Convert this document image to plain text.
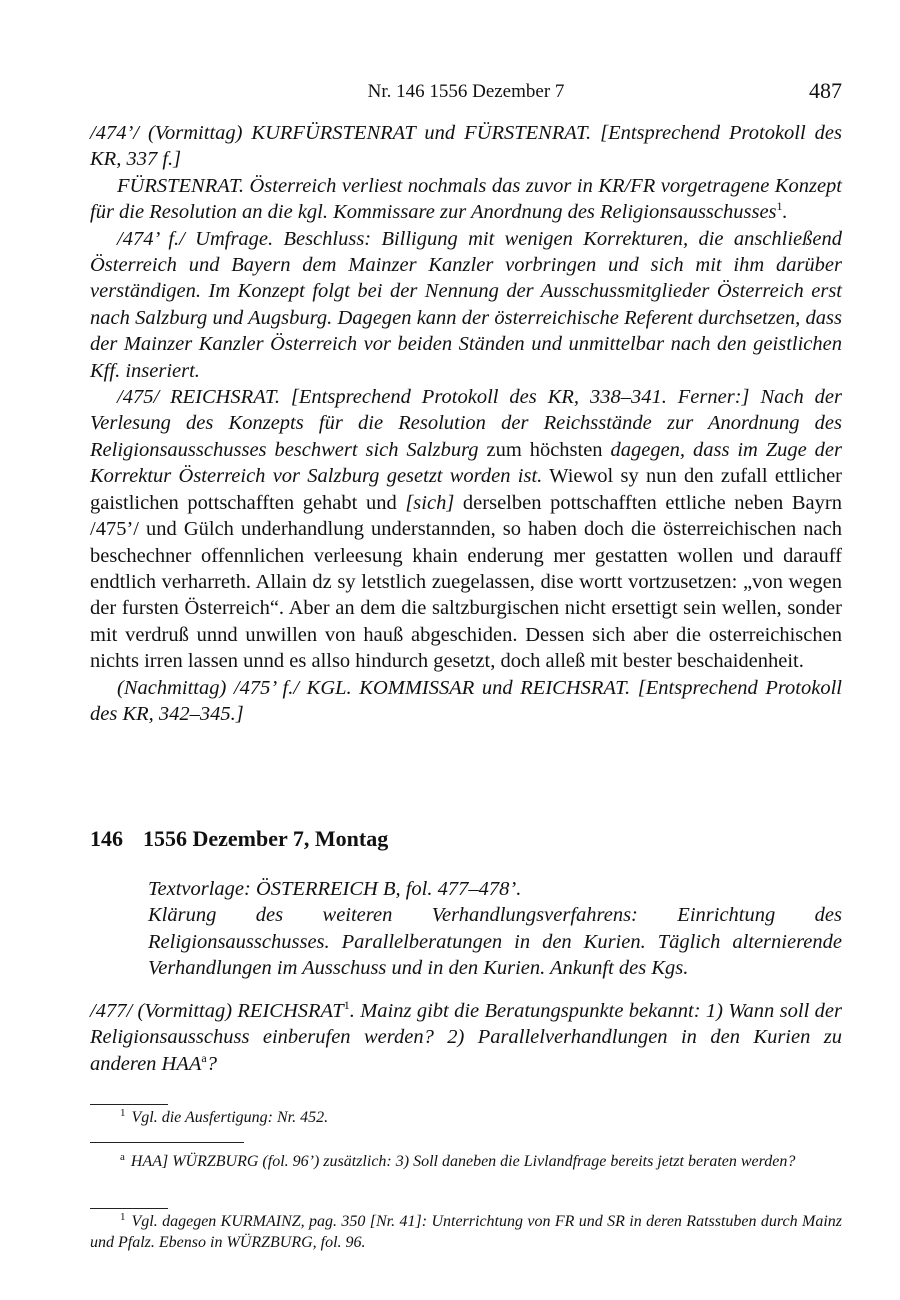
Nr. 146 1556 Dezember 7	487

/474’/ (Vormittag) KURFÜRSTENRAT und FÜRSTENRAT. [Entsprechend Protokoll des KR, 337 f.]

FÜRSTENRAT. Österreich verliest nochmals das zuvor in KR/FR vorgetragene Konzept für die Resolution an die kgl. Kommissare zur Anordnung des Religionsausschusses$^1$.

/474’ f./ Umfrage. Beschluss: Billigung mit wenigen Korrekturen, die anschließend Österreich und Bayern dem Mainzer Kanzler vorbringen und sich mit ihm darüber verständigen. Im Konzept folgt bei der Nennung der Ausschussmitglieder Österreich erst nach Salzburg und Augsburg. Dagegen kann der österreichische Referent durchsetzen, dass der Mainzer Kanzler Österreich vor beiden Ständen und unmittelbar nach den geistlichen Kff. inseriert.

/475/ REICHSRAT. [Entsprechend Protokoll des KR, 338–341. Ferner:] Nach der Verlesung des Konzepts für die Resolution der Reichsstände zur Anordnung des Religionsausschusses beschwert sich Salzburg zum höchsten dagegen, dass im Zuge der Korrektur Österreich vor Salzburg gesetzt worden ist. Wiewol sy nun den zufall ettlicher gaistlichen pottschafften gehabt und [sich] derselben pottschafften ettliche neben Bayrn /475’/ und Gülch underhandlung understannden, so haben doch die österreichischen nach beschechner offennlichen verleesung khain enderung mer gestatten wollen und darauff endtlich verharreth. Allain dz sy letstlich zuegelassen, dise wortt vortzusetzen: „von wegen der fursten Österreich“. Aber an dem die saltzburgischen nicht ersettigt sein wellen, sonder mit verdruß unnd unwillen von hauß abgeschiden. Dessen sich aber die osterreichischen nichts irren lassen unnd es allso hindurch gesetzt, doch alleß mit bester beschaidenheit.

(Nachmittag) /475’ f./ KGL. KOMMISSAR und REICHSRAT. [Entsprechend Protokoll des KR, 342–345.]

146 1556 Dezember 7, Montag

Textvorlage: ÖSTERREICH B, fol. 477–478’.

Klärung des weiteren Verhandlungsverfahrens: Einrichtung des Religionsausschusses. Parallelberatungen in den Kurien. Täglich alternierende Verhandlungen im Ausschuss und in den Kurien. Ankunft des Kgs.

/477/ (Vormittag) REICHSRAT$^1$. Mainz gibt die Beratungspunkte bekannt: 1) Wann soll der Religionsausschuss einberufen werden? 2) Parallelverhandlungen in den Kurien zu anderen HAA$^a$?

$^1$ Vgl. die Ausfertigung: Nr. 452.
$^a$ HAA] WÜRZBURG (fol. 96’) zusätzlich: 3) Soll daneben die Livlandfrage bereits jetzt beraten werden?
$^1$ Vgl. dagegen KURMAINZ, pag. 350 [Nr. 41]: Unterrichtung von FR und SR in deren Ratsstuben durch Mainz und Pfalz. Ebenso in WÜRZBURG, fol. 96.
